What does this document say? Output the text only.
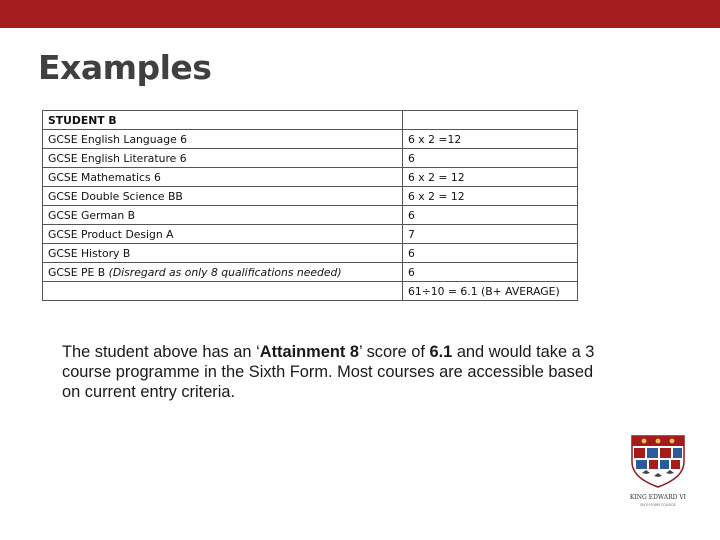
Examples
STUDENT B	
GCSE English Language 6	6 x 2 =12
GCSE English Literature 6	6
GCSE Mathematics 6	6 x 2 = 12
GCSE Double Science BB	6 x 2 = 12
GCSE German B	6
GCSE Product Design A	7
GCSE History B	6
GCSE PE B (Disregard as only 8 qualifications needed)	6
	61÷10 = 6.1 (B+ AVERAGE)
The student above has an ‘Attainment 8’ score of 6.1 and would take a 3 course programme in the Sixth Form. Most courses are accessible based on current entry criteria.
KING EDWARD VI
SIXTH FORM COLLEGE
